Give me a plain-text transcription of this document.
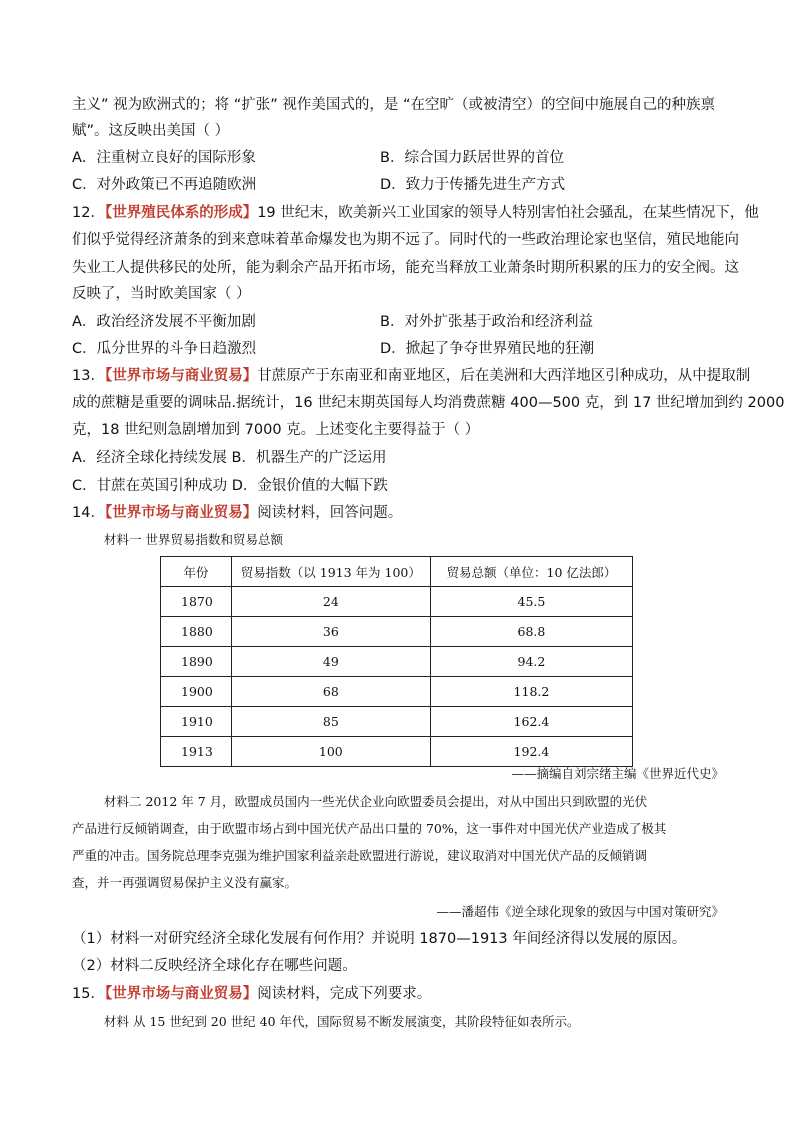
主义” 视为欧洲式的；将 “扩张” 视作美国式的，是 “在空旷（或被清空）的空间中施展自己的种族禀
赋”。这反映出美国（ ）
A．注重树立良好的国际形象	B．综合国力跃居世界的首位
C．对外政策已不再追随欧洲	D．致力于传播先进生产方式
12．【世界殖民体系的形成】19 世纪末，欧美新兴工业国家的领导人特别害怕社会骚乱，在某些情况下，他
们似乎觉得经济萧条的到来意味着革命爆发也为期不远了。同时代的一些政治理论家也坚信，殖民地能向
失业工人提供移民的处所，能为剩余产品开拓市场，能充当释放工业萧条时期所积累的压力的安全阀。这
反映了，当时欧美国家（ ）
A．政治经济发展不平衡加剧	B．对外扩张基于政治和经济利益
C．瓜分世界的斗争日趋激烈	D．掀起了争夺世界殖民地的狂潮
13．【世界市场与商业贸易】甘蔗原产于东南亚和南亚地区，后在美洲和大西洋地区引种成功，从中提取制
成的蔗糖是重要的调味品.据统计，16 世纪末期英国每人均消费蔗糖 400—500 克，到 17 世纪增加到约 2000
克，18 世纪则急剧增加到 7000 克。上述变化主要得益于（ ）
A．经济全球化持续发展 B．机器生产的广泛运用
C．甘蔗在英国引种成功 D．金银价值的大幅下跌
14．【世界市场与商业贸易】阅读材料，回答问题。
材料一 世界贸易指数和贸易总额
年份	贸易指数（以 1913 年为 100）	贸易总额（单位：10 亿法郎）
1870	24	45.5
1880	36	68.8
1890	49	94.2
1900	68	118.2
1910	85	162.4
1913	100	192.4
——摘编自刘宗绪主编《世界近代史》
材料二 2012 年 7 月，欧盟成员国内一些光伏企业向欧盟委员会提出，对从中国出只到欧盟的光伏
产品进行反倾销调查，由于欧盟市场占到中国光伏产品出口量的 70%，这一事件对中国光伏产业造成了极其
严重的冲击。国务院总理李克强为维护国家利益亲赴欧盟进行游说，建议取消对中国光伏产品的反倾销调
查，并一再强调贸易保护主义没有赢家。
——潘超伟《逆全球化现象的致因与中国对策研究》
（1）材料一对研究经济全球化发展有何作用？并说明 1870—1913 年间经济得以发展的原因。
（2）材料二反映经济全球化存在哪些问题。
15．【世界市场与商业贸易】阅读材料，完成下列要求。
材料 从 15 世纪到 20 世纪 40 年代，国际贸易不断发展演变，其阶段特征如表所示。
